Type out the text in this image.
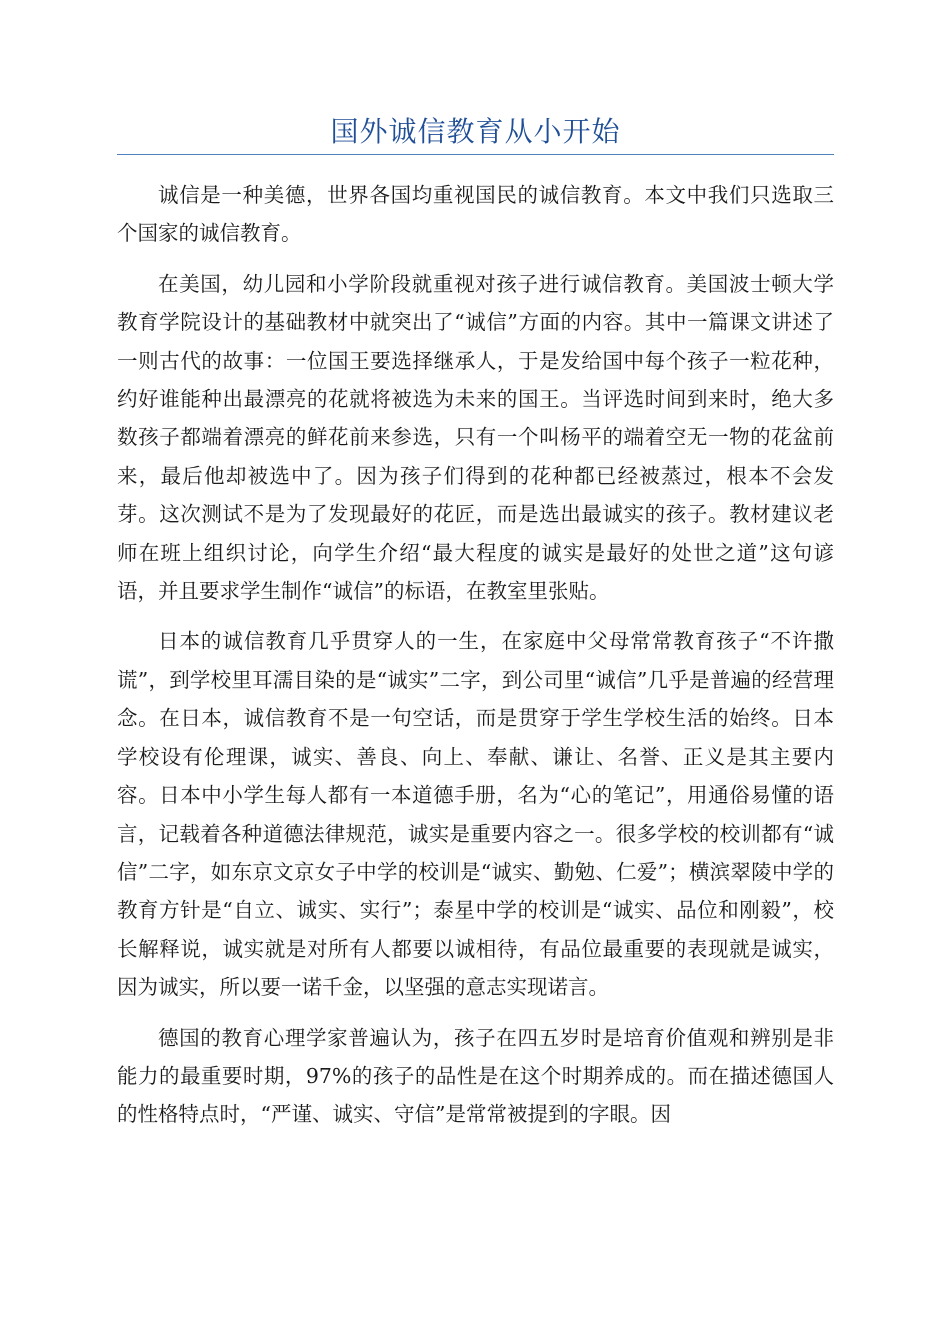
国外诚信教育从小开始

诚信是一种美德，世界各国均重视国民的诚信教育。本文中我们只选取三个国家的诚信教育。

在美国，幼儿园和小学阶段就重视对孩子进行诚信教育。美国波士顿大学教育学院设计的基础教材中就突出了“诚信”方面的内容。其中一篇课文讲述了一则古代的故事：一位国王要选择继承人，于是发给国中每个孩子一粒花种，约好谁能种出最漂亮的花就将被选为未来的国王。当评选时间到来时，绝大多数孩子都端着漂亮的鲜花前来参选，只有一个叫杨平的端着空无一物的花盆前来，最后他却被选中了。因为孩子们得到的花种都已经被蒸过，根本不会发芽。这次测试不是为了发现最好的花匠，而是选出最诚实的孩子。教材建议老师在班上组织讨论，向学生介绍“最大程度的诚实是最好的处世之道”这句谚语，并且要求学生制作“诚信”的标语，在教室里张贴。

日本的诚信教育几乎贯穿人的一生，在家庭中父母常常教育孩子“不许撒谎”，到学校里耳濡目染的是“诚实”二字，到公司里“诚信”几乎是普遍的经营理念。在日本，诚信教育不是一句空话，而是贯穿于学生学校生活的始终。日本学校设有伦理课，诚实、善良、向上、奉献、谦让、名誉、正义是其主要内容。日本中小学生每人都有一本道德手册，名为“心的笔记”，用通俗易懂的语言，记载着各种道德法律规范，诚实是重要内容之一。很多学校的校训都有“诚信”二字，如东京文京女子中学的校训是“诚实、勤勉、仁爱”；横滨翠陵中学的教育方针是“自立、诚实、实行”；泰星中学的校训是“诚实、品位和刚毅”，校长解释说，诚实就是对所有人都要以诚相待，有品位最重要的表现就是诚实，因为诚实，所以要一诺千金，以坚强的意志实现诺言。

德国的教育心理学家普遍认为，孩子在四五岁时是培育价值观和辨别是非能力的最重要时期，97%的孩子的品性是在这个时期养成的。而在描述德国人的性格特点时，“严谨、诚实、守信”是常常被提到的字眼。因
